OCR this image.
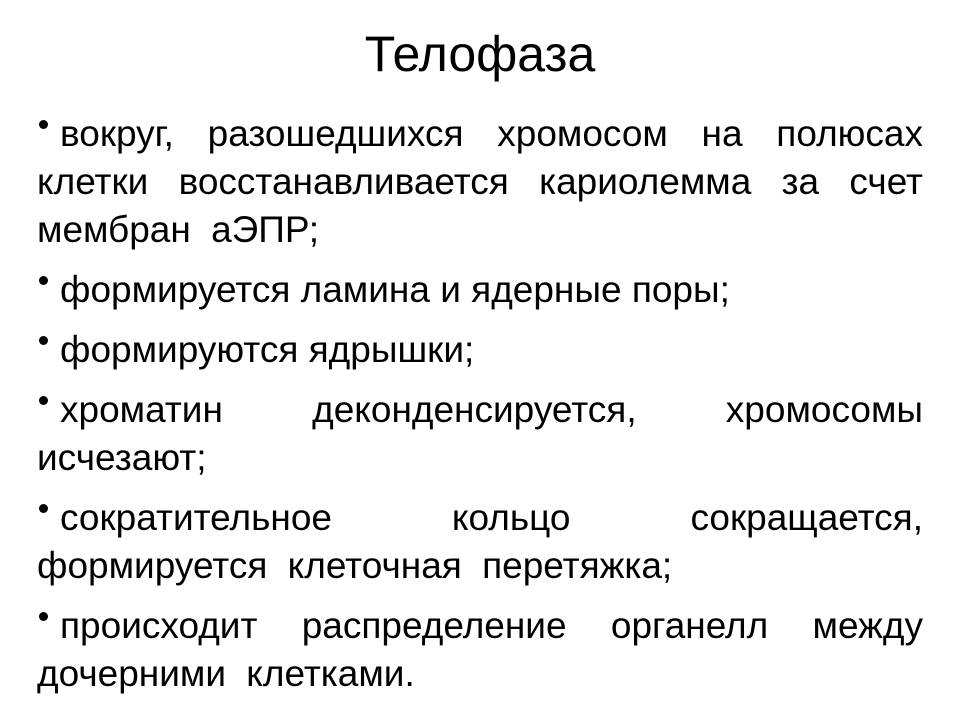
Телофаза
вокруг, разошедшихся хромосом на полюсах клетки восстанавливается кариолемма за счет мембран аЭПР;
формируется ламина и ядерные поры;
формируются ядрышки;
хроматин деконденсируется, хромосомы исчезают;
сократительное кольцо сокращается, формируется клеточная перетяжка;
происходит распределение органелл между дочерними клетками.
